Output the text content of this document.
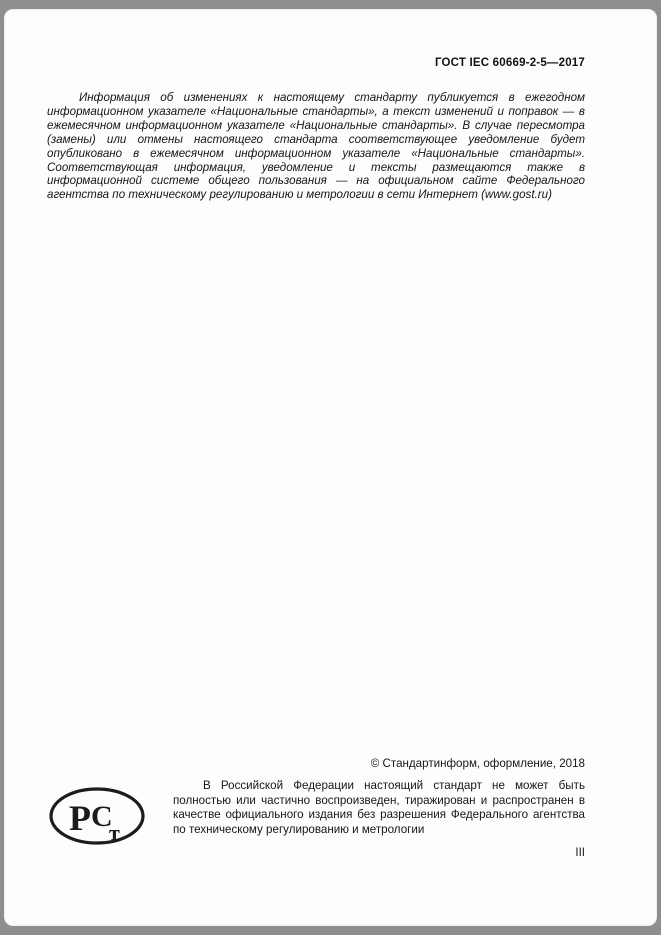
ГОСТ IEC 60669-2-5—2017
Информация об изменениях к настоящему стандарту публикуется в ежегодном информационном указателе «Национальные стандарты», а текст изменений и поправок — в ежемесячном информационном указателе «Национальные стандарты». В случае пересмотра (замены) или отмены настоящего стандарта соответствующее уведомление будет опубликовано в ежемесячном информационном указателе «Национальные стандарты». Соответствующая информация, уведомление и тексты размещаются также в информационной системе общего пользования — на официальном сайте Федерального агентства по техническому регулированию и метрологии в сети Интернет (www.gost.ru)
© Стандартинформ, оформление, 2018
Р С
т
В Российской Федерации настоящий стандарт не может быть полностью или частично воспроизведен, тиражирован и распространен в качестве официального издания без разрешения Федерального агентства по техническому регулированию и метрологии
III
